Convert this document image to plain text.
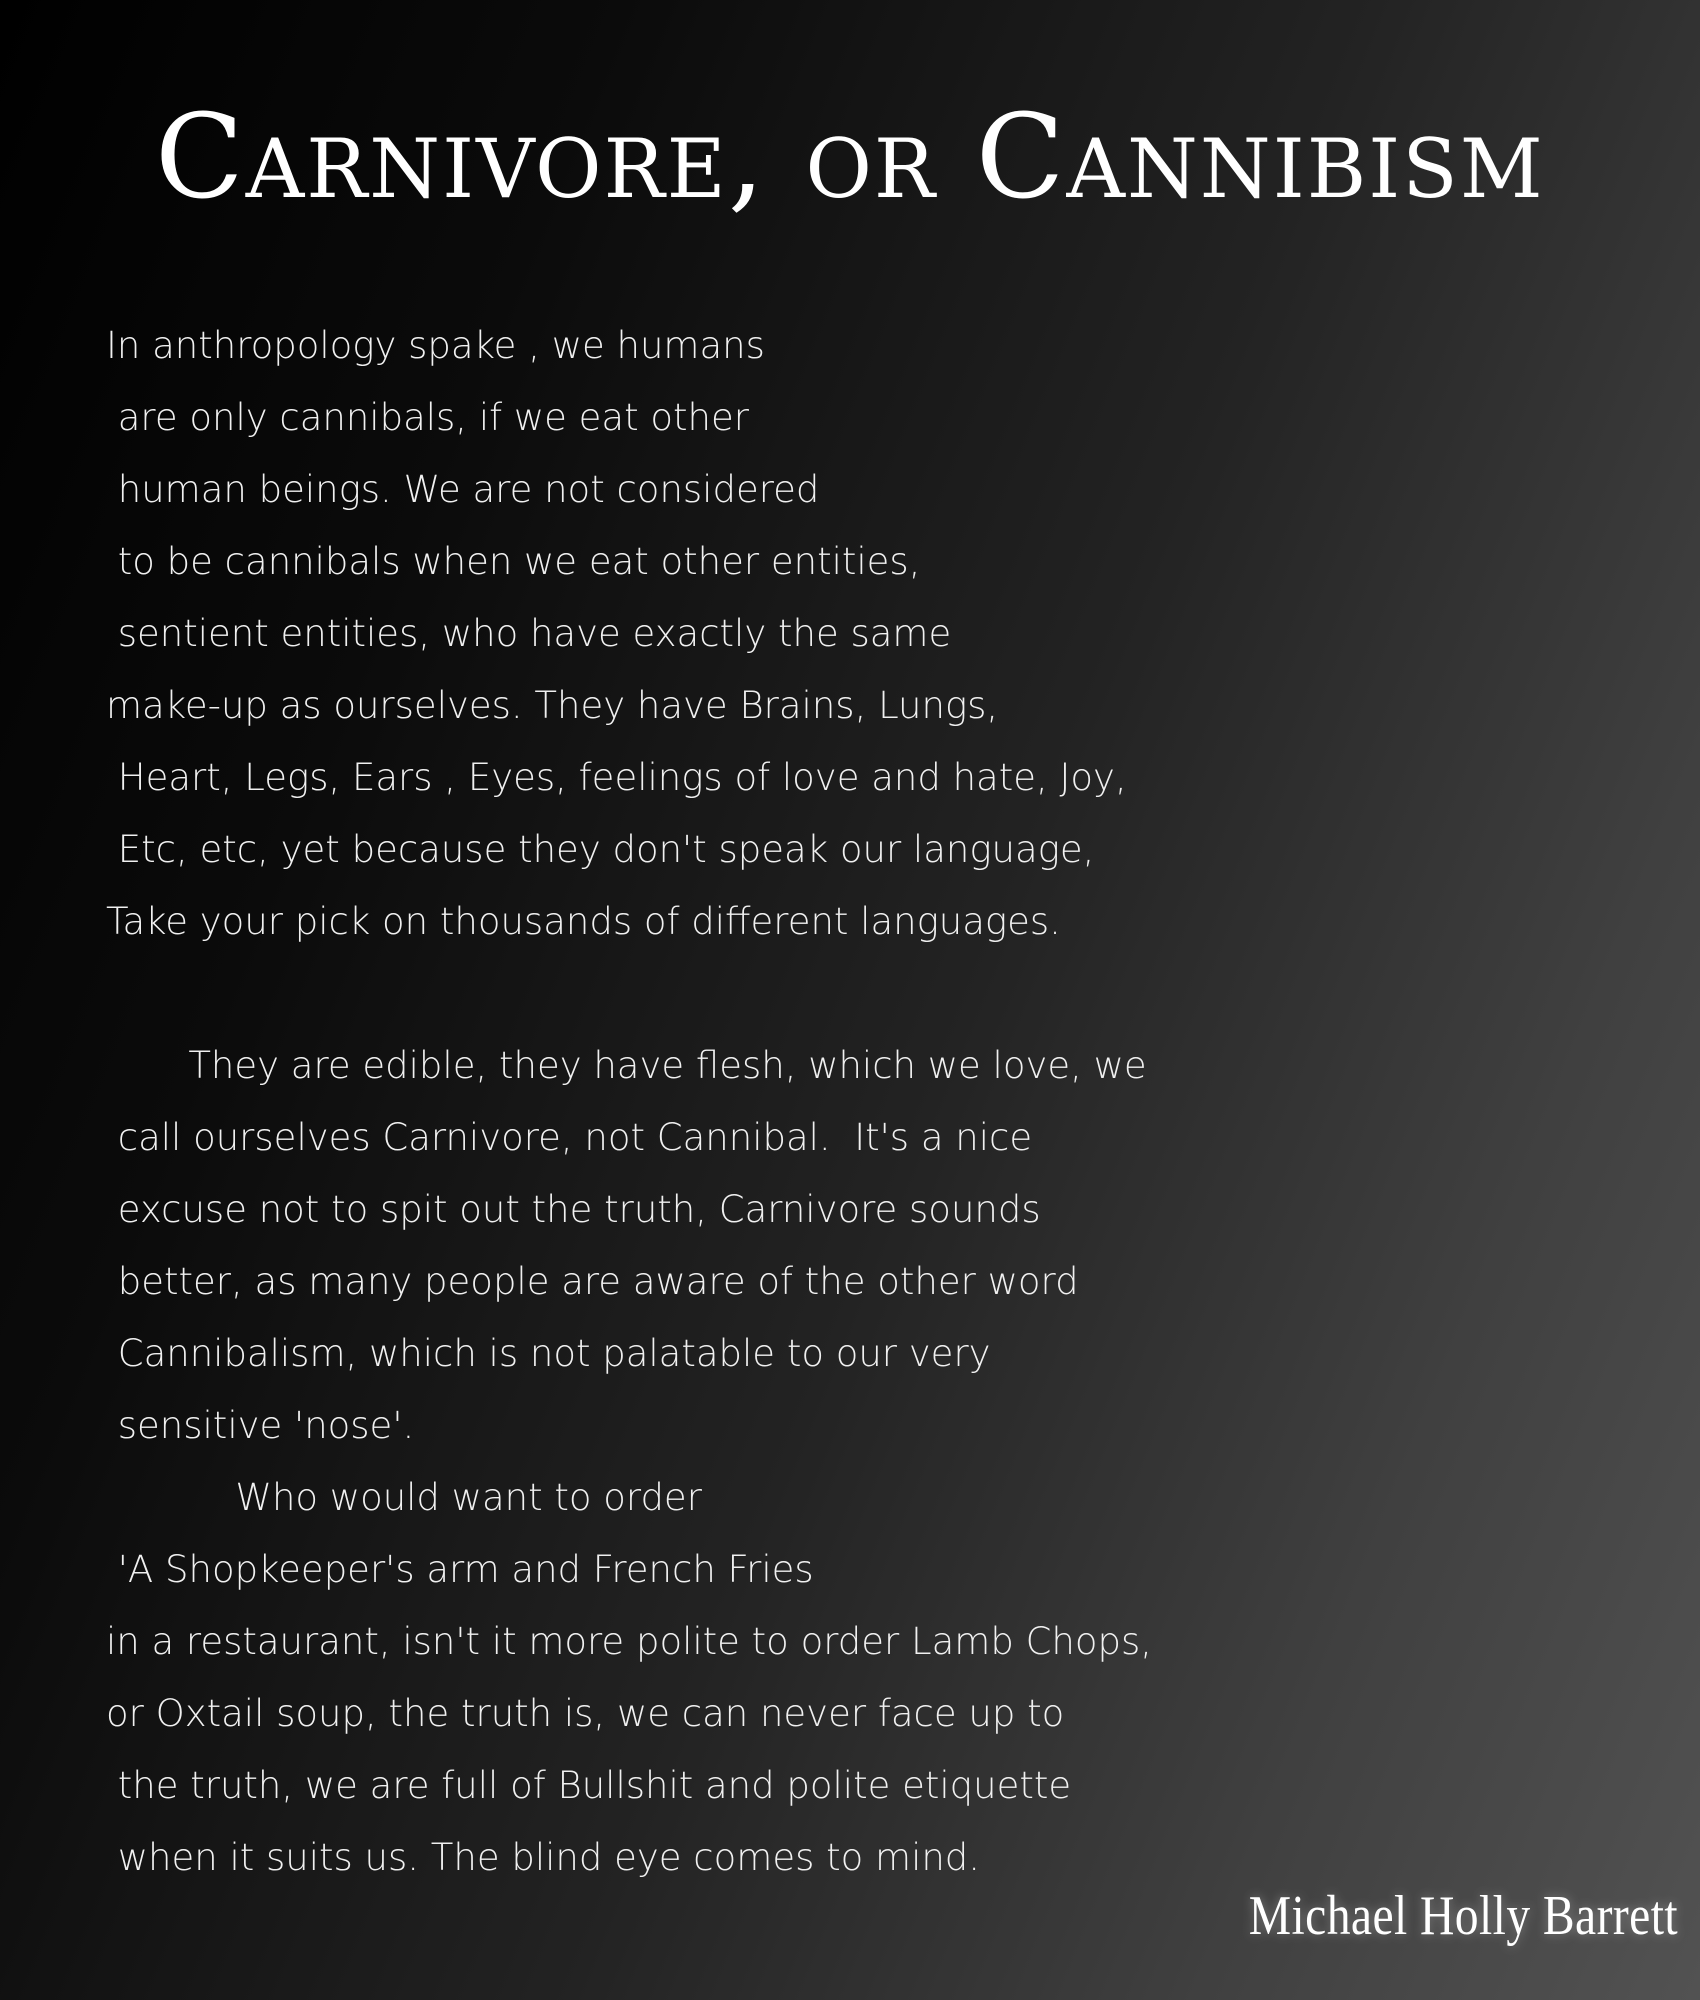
Carnivore, or Cannibism
In anthropology spake , we humans
are only cannibals, if we eat other
human beings. We are not considered
to be cannibals when we eat other entities,
sentient entities, who have exactly the same
make-up as ourselves. They have Brains, Lungs,
Heart, Legs, Ears , Eyes, feelings of love and hate, Joy,
Etc, etc, yet because they don't speak our language,
Take your pick on thousands of different languages.
They are edible, they have flesh, which we love, we
call ourselves Carnivore, not Cannibal.  It's a nice
excuse not to spit out the truth, Carnivore sounds
better, as many people are aware of the other word
Cannibalism, which is not palatable to our very
sensitive 'nose'.
Who would want to order
'A Shopkeeper's arm and French Fries
in a restaurant, isn't it more polite to order Lamb Chops,
or Oxtail soup, the truth is, we can never face up to
the truth, we are full of Bullshit and polite etiquette
when it suits us. The blind eye comes to mind.
Michael Holly Barrett
